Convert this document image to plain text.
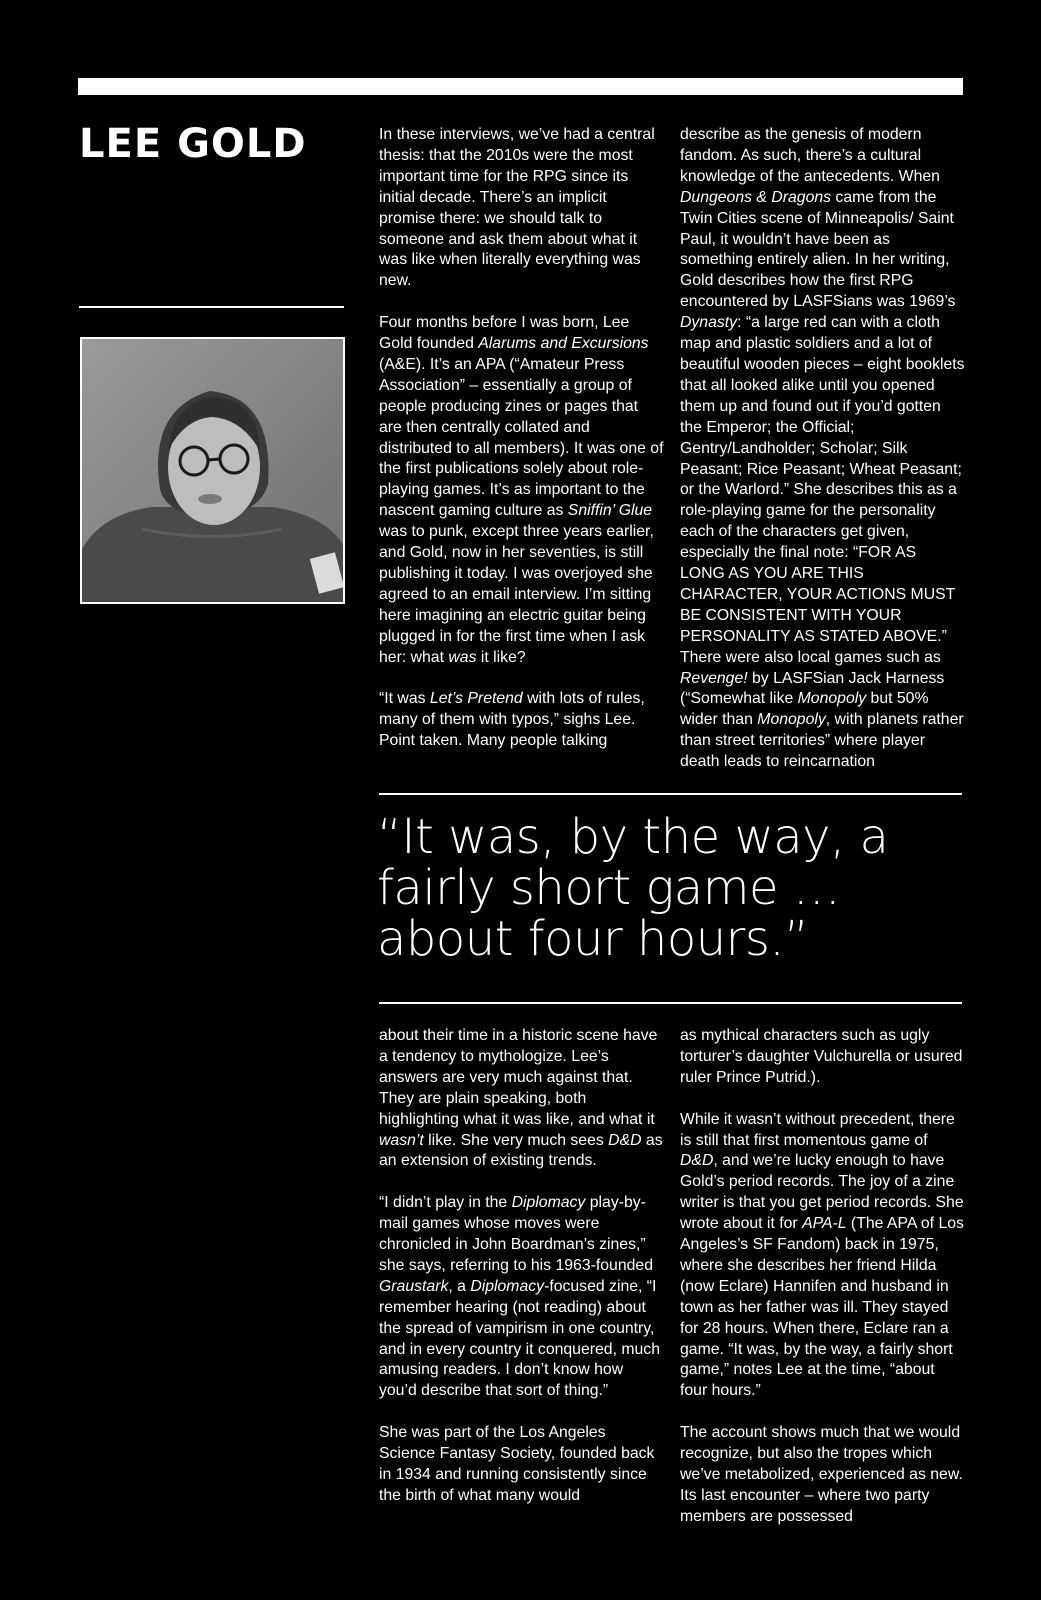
LEE GOLD	In these interviews, we’ve had a central thesis: that the 2010s were the most important time for the RPG since its initial decade. There’s an implicit promise there: we should talk to someone and ask them about what it was like when literally everything was new.

Four months before I was born, Lee Gold founded Alarums and Excursions (A&E). It’s an APA (“Amateur Press Association” – essentially a group of people producing zines or pages that are then centrally collated and distributed to all members). It was one of the first publications solely about role-playing games. It’s as important to the nascent gaming culture as Sniffin’ Glue was to punk, except three years earlier, and Gold, now in her seventies, is still publishing it today. I was overjoyed she agreed to an email interview. I’m sitting here imagining an electric guitar being plugged in for the first time when I ask her: what was it like?

“It was Let’s Pretend with lots of rules, many of them with typos,” sighs Lee. Point taken. Many people talking

describe as the genesis of modern fandom. As such, there’s a cultural knowledge of the antecedents. When Dungeons & Dragons came from the Twin Cities scene of Minneapolis/ Saint Paul, it wouldn’t have been as something entirely alien. In her writing, Gold describes how the first RPG encountered by LASFSians was 1969’s Dynasty: “a large red can with a cloth map and plastic soldiers and a lot of beautiful wooden pieces – eight booklets that all looked alike until you opened them up and found out if you’d gotten the Emperor; the Official; Gentry/Landholder; Scholar; Silk Peasant; Rice Peasant; Wheat Peasant; or the Warlord.” She describes this as a role-playing game for the personality each of the characters get given, especially the final note: “FOR AS LONG AS YOU ARE THIS CHARACTER, YOUR ACTIONS MUST BE CONSISTENT WITH YOUR PERSONALITY AS STATED ABOVE.” There were also local games such as Revenge! by LASFSian Jack Harness (“Somewhat like Monopoly but 50% wider than Monopoly, with planets rather than street territories” where player death leads to reincarnation

“It was, by the way, a fairly short game … about four hours.”

about their time in a historic scene have a tendency to mythologize. Lee’s answers are very much against that. They are plain speaking, both highlighting what it was like, and what it wasn’t like. She very much sees D&D as an extension of existing trends.

“I didn’t play in the Diplomacy play-by-mail games whose moves were chronicled in John Boardman’s zines,” she says, referring to his 1963-founded Graustark, a Diplomacy-focused zine, “I remember hearing (not reading) about the spread of vampirism in one country, and in every country it conquered, much amusing readers. I don’t know how you’d describe that sort of thing.”

She was part of the Los Angeles Science Fantasy Society, founded back in 1934 and running consistently since the birth of what many would

as mythical characters such as ugly torturer’s daughter Vulchurella or usured ruler Prince Putrid.).

While it wasn’t without precedent, there is still that first momentous game of D&D, and we’re lucky enough to have Gold’s period records. The joy of a zine writer is that you get period records. She wrote about it for APA-L (The APA of Los Angeles’s SF Fandom) back in 1975, where she describes her friend Hilda (now Eclare) Hannifen and husband in town as her father was ill. They stayed for 28 hours. When there, Eclare ran a game. “It was, by the way, a fairly short game,” notes Lee at the time, “about four hours.”

The account shows much that we would recognize, but also the tropes which we’ve metabolized, experienced as new. Its last encounter – where two party members are possessed
